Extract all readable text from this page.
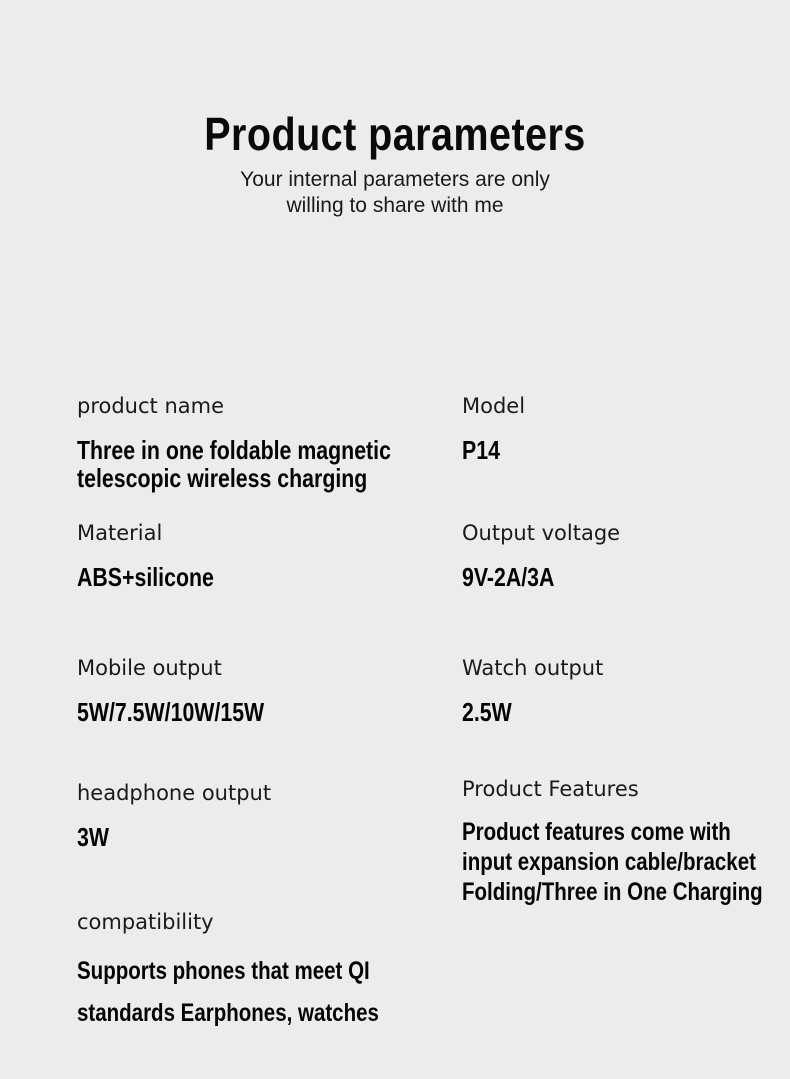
Product parameters
Your internal parameters are only
willing to share with me
product name
Three in one foldable magnetic
telescopic wireless charging
Model
P14
Material
ABS+silicone
Output voltage
9V-2A/3A
Mobile output
5W/7.5W/10W/15W
Watch output
2.5W
headphone output
3W
Product Features
Product features come with
input expansion cable/bracket
Folding/Three in One Charging
compatibility
Supports phones that meet QI
standards Earphones, watches
